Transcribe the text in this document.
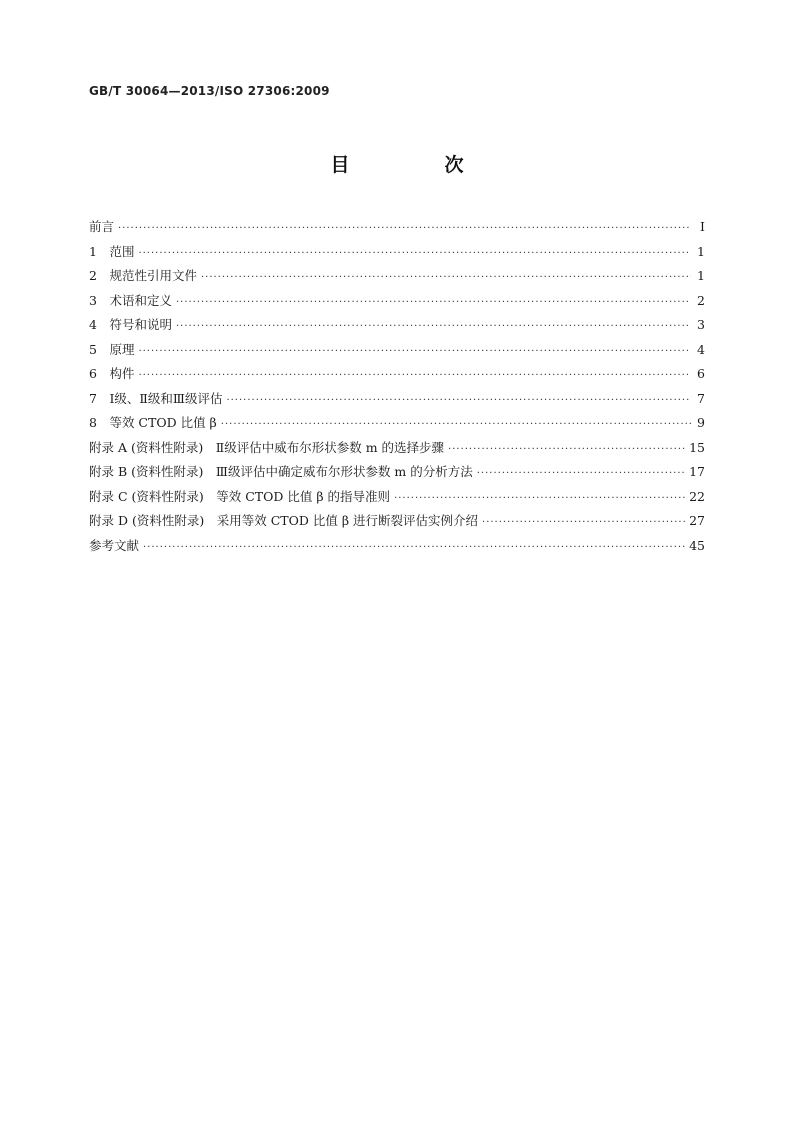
GB/T 30064—2013/ISO 27306:2009
目　次
前言 ·····	Ⅰ
1　范围 ·····	1
2　规范性引用文件 ·····	1
3　术语和定义 ·····	2
4　符号和说明 ·····	3
5　原理 ·····	4
6　构件 ·····	6
7　Ⅰ级、Ⅱ级和Ⅲ级评估 ·····	7
8　等效 CTOD 比值 β ·····	9
附录 A (资料性附录)　Ⅱ级评估中威布尔形状参数 m 的选择步骤 ·····	15
附录 B (资料性附录)　Ⅲ级评估中确定威布尔形状参数 m 的分析方法 ·····	17
附录 C (资料性附录)　等效 CTOD 比值 β 的指导准则 ·····	22
附录 D (资料性附录)　采用等效 CTOD 比值 β 进行断裂评估实例介绍 ·····	27
参考文献 ·····	45
